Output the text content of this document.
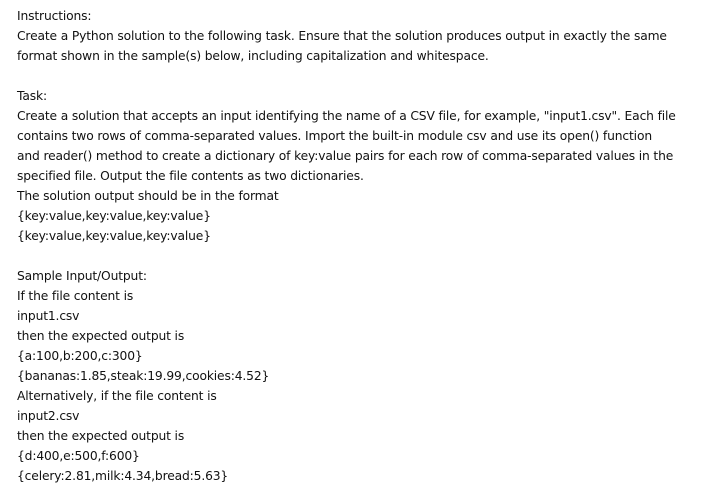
Instructions:
Create a Python solution to the following task. Ensure that the solution produces output in exactly the same
format shown in the sample(s) below, including capitalization and whitespace.
Task:
Create a solution that accepts an input identifying the name of a CSV file, for example, "input1.csv". Each file
contains two rows of comma-separated values. Import the built-in module csv and use its open() function
and reader() method to create a dictionary of key:value pairs for each row of comma-separated values in the
specified file. Output the file contents as two dictionaries.
The solution output should be in the format
{key:value,key:value,key:value}
{key:value,key:value,key:value}
Sample Input/Output:
If the file content is
input1.csv
then the expected output is
{a:100,b:200,c:300}
{bananas:1.85,steak:19.99,cookies:4.52}
Alternatively, if the file content is
input2.csv
then the expected output is
{d:400,e:500,f:600}
{celery:2.81,milk:4.34,bread:5.63}
